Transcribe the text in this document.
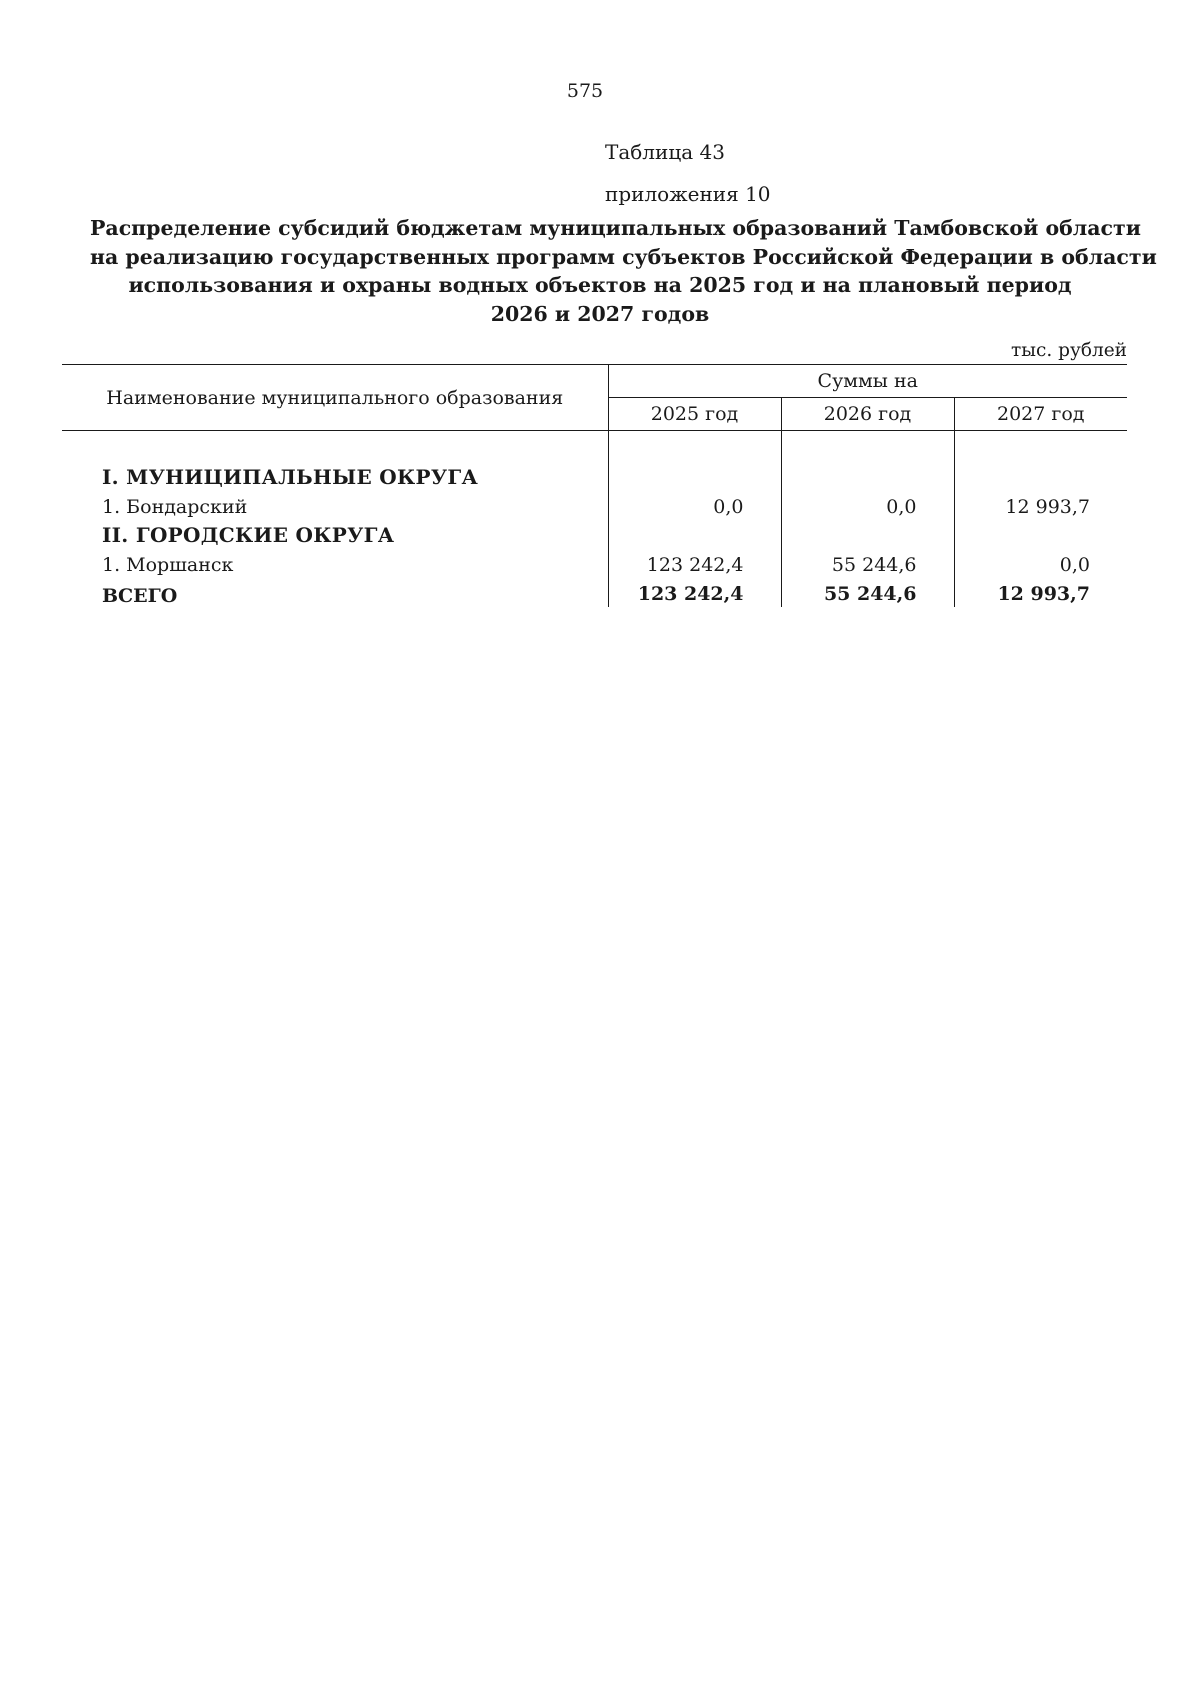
575
Таблица 43
приложения 10
Распределение субсидий бюджетам муниципальных образований Тамбовской области
на реализацию государственных программ субъектов Российской Федерации в области
использования и охраны водных объектов на 2025 год и на плановый период
2026 и 2027 годов
тыс. рублей
Наименование муниципального образования	Суммы на		
	2025 год	2026 год	2027 год

I. МУНИЦИПАЛЬНЫЕ ОКРУГА			
1. Бондарский	0,0	0,0	12 993,7
II. ГОРОДСКИЕ ОКРУГА			
1. Моршанск	123 242,4	55 244,6	0,0
ВСЕГО	123 242,4	55 244,6	12 993,7
